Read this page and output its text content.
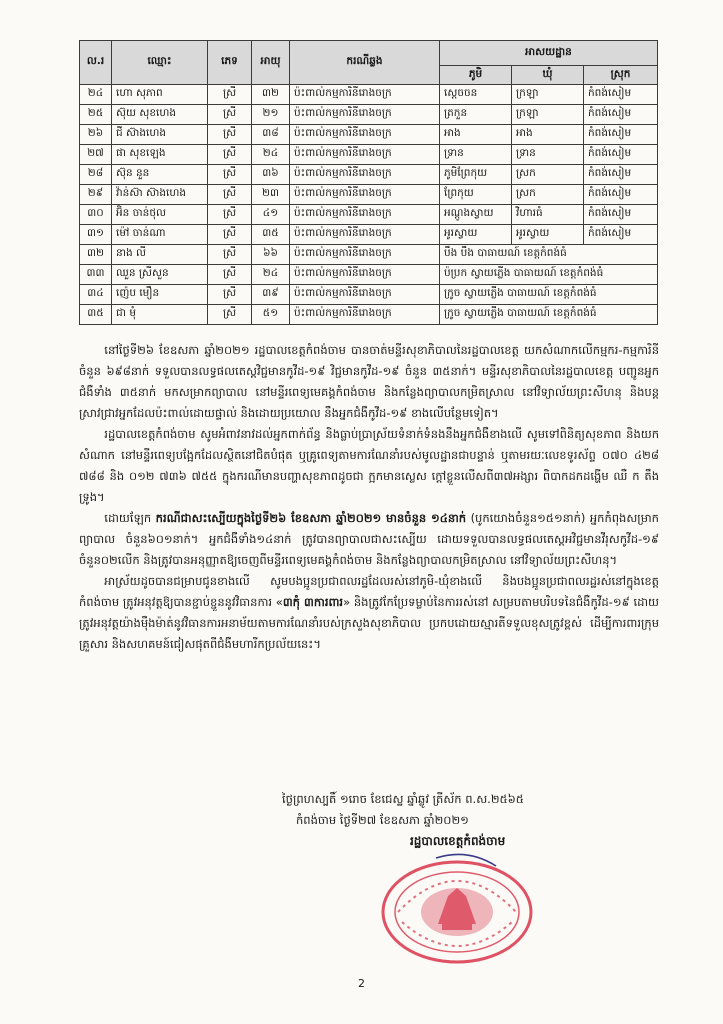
ល.រ	ឈ្មោះ	ភេទ	អាយុ	ករណីឆ្លង	អាសយដ្ឋាន		
					ភូមិ	ឃុំ	ស្រុក
២៤	ហោ សុភាព	ស្រី	៣២	ប៉ះពាល់កម្មការិនីរោងចក្រ	ស្ដេចចន	ក្រឡា	កំពង់សៀម
២៥	ស៊ុយ សុខហេង	ស្រី	២១	ប៉ះពាល់កម្មការិនីរោងចក្រ	ត្រកួន	ក្រឡា	កំពង់សៀម
២៦	ជី ស៊ាងហេង	ស្រី	៣៨	ប៉ះពាល់កម្មការិនីរោងចក្រ	អាង	អាង	កំពង់សៀម
២៧	ផា សុខឡេង	ស្រី	២៤	ប៉ះពាល់កម្មការិនីរោងចក្រ	ទ្រាន	ទ្រាន	កំពង់សៀម
២៨	ស៊ុន នួន	ស្រី	៣៦	ប៉ះពាល់កម្មការិនីរោងចក្រ	ភូមិព្រែកុយ	ស្រក	កំពង់សៀម
២៩	វ៉ាន់ស៊ា ស៊ាងហេង	ស្រី	២៣	ប៉ះពាល់កម្មការិនីរោងចក្រ	ព្រែកុយ	ស្រក	កំពង់សៀម
៣០	អ៊ិន ចាន់ថុល	ស្រី	៤១	ប៉ះពាល់កម្មការិនីរោងចក្រ	អណ្ដូងស្វាយ	វិហារធំ	កំពង់សៀម
៣១	ម៉ៅ ចាន់ណា	ស្រី	៣៥	ប៉ះពាល់កម្មការិនីរោងចក្រ	អូរស្វាយ	អូរស្វាយ	កំពង់សៀម
៣២	នាង លី	ស្រី	៦៦	ប៉ះពាល់កម្មការិនីរោងចក្រ	បឹង បឹង បាធាយណ៍ ខេត្តកំពង់ធំ		
៣៣	ឈួន ស្រីសួន	ស្រី	២៤	ប៉ះពាល់កម្មការិនីរោងចក្រ	ប៉ប្រក ស្វាយភ្លើង បាធាយណ៍ ខេត្តកំពង់ធំ		
៣៤	ញ៉េប មឿន	ស្រី	៣៩	ប៉ះពាល់កម្មការិនីរោងចក្រ	ក្រូច ស្វាយភ្លើង បាធាយណ៍ ខេត្តកំពង់ធំ		
៣៥	ជា មុំ	ស្រី	៥១	ប៉ះពាល់កម្មការិនីរោងចក្រ	ក្រូច ស្វាយភ្លើង បាធាយណ៍ ខេត្តកំពង់ធំ		

នៅថ្ងៃទី២៦ ខែឧសភា ឆ្នាំ២០២១ រដ្ឋបាលខេត្តកំពង់ចាម បានចាត់មន្ទីរសុខាភិបាលនៃរដ្ឋបាលខេត្ត យកសំណាកលើកម្មករ-កម្មការិនី ចំនួន ៦៩៨នាក់ ទទួលបានលទ្ធផលតេស្តវិជ្ជមានកូវីដ-១៩ វិជ្ជមានកូវីដ-១៩ ចំនួន ៣៥នាក់។ មន្ទីរសុខាភិបាលនៃរដ្ឋបាលខេត្ត បញ្ជូនអ្នកជំងឺទាំង ៣៥នាក់ មកសម្រាកព្យាបាល នៅមន្ទីរពេទ្យមេគង្គកំពង់ចាម និងកន្លែងព្យាបាលកម្រិតស្រាល នៅវិទ្យាល័យព្រះសីហនុ និងបន្តស្រាវជ្រាវអ្នកដែលប៉ះពាល់ដោយផ្ទាល់ និងដោយប្រយោល នឹងអ្នកជំងឺកូវីដ-១៩ ខាងលើបន្ថែមទៀត។

រដ្ឋបាលខេត្តកំពង់ចាម សូមអំពាវនាវដល់អ្នកពាក់ព័ន្ធ និងធ្លាប់ប្រាស្រ័យទំនាក់ទំនងនឹងអ្នកជំងឺខាងលើ សូមទៅពិនិត្យសុខភាព និងយកសំណាក នៅមន្ទីរពេទ្យបង្អែកដែលស្ថិតនៅជិតបំផុត ឬគ្រូពេទ្យតាមការណែនាំរបស់មូលដ្ឋានជាបន្ទាន់ ឬតាមរយៈលេខទូរស័ព្ទ ០៧០ ៤២៨ ៧៨៨ និង ០១២ ៧៣៦ ៧៥៥ ក្នុងករណីមានបញ្ហាសុខភាពដូចជា ក្អកមានស្លេស ក្ដៅខ្លួនលើសពី៣៧អង្សារ ពិបាកដកដង្ហើម ឈឺ ក តឹងទ្រូង។

ដោយឡែក ករណីជាសះស្បើយក្នុងថ្ងៃទី២៦ ខែឧសភា ឆ្នាំ២០២១ មានចំនួន ១៤នាក់ (បូកយោងចំនួន១៥១នាក់) អ្នកកំពុងសម្រាកព្យាបាល ចំនួន៦០១នាក់។ អ្នកជំងឺទាំង១៤នាក់ ត្រូវបានព្យាបាលជាសះស្បើយ ដោយទទួលបានលទ្ធផលតេស្តអវិជ្ជមានវីរុសកូវីដ-១៩ ចំនួន០២លើក និងត្រូវបានអនុញ្ញាតឱ្យចេញពីមន្ទីរពេទ្យមេគង្គកំពង់ចាម និងកន្លែងព្យាបាលកម្រិតស្រាល នៅវិទ្យាល័យព្រះសីហនុ។

អាស្រ័យដូចបានជម្រាបជូនខាងលើ សូមបងប្អូនប្រជាពលរដ្ឋដែលរស់នៅភូមិ-ឃុំខាងលើ និងបងប្អូនប្រជាពលរដ្ឋរស់នៅក្នុងខេត្តកំពង់ចាម ត្រូវអនុវត្តឱ្យបានខ្ជាប់ខ្ជួននូវវិធានការ «៣កុំ ៣ការពារ» និងត្រូវកែប្រែទម្លាប់នៃការរស់នៅ សម្របតាមបរិបទនៃជំងឺកូវីដ-១៩ ដោយត្រូវអនុវត្តយ៉ាងម៉ឺងម៉ាត់នូវវិធានការអនាម័យតាមការណែនាំរបស់ក្រសួងសុខាភិបាល ប្រកបដោយស្មារតីទទួលខុសត្រូវខ្ពស់ ដើម្បីការពារក្រុមគ្រួសារ និងសហគមន៍ជៀសផុតពីជំងឺមហារីកប្រល័យនេះ។

ថ្ងៃព្រហស្បតិ៍ ១រោច ខែជេស្ឋ ឆ្នាំឆ្លូវ ត្រីស័ក ព.ស.២៥៦៥
កំពង់ចាម ថ្ងៃទី២៧ ខែឧសភា ឆ្នាំ២០២១
រដ្ឋបាលខេត្តកំពង់ចាម
2
